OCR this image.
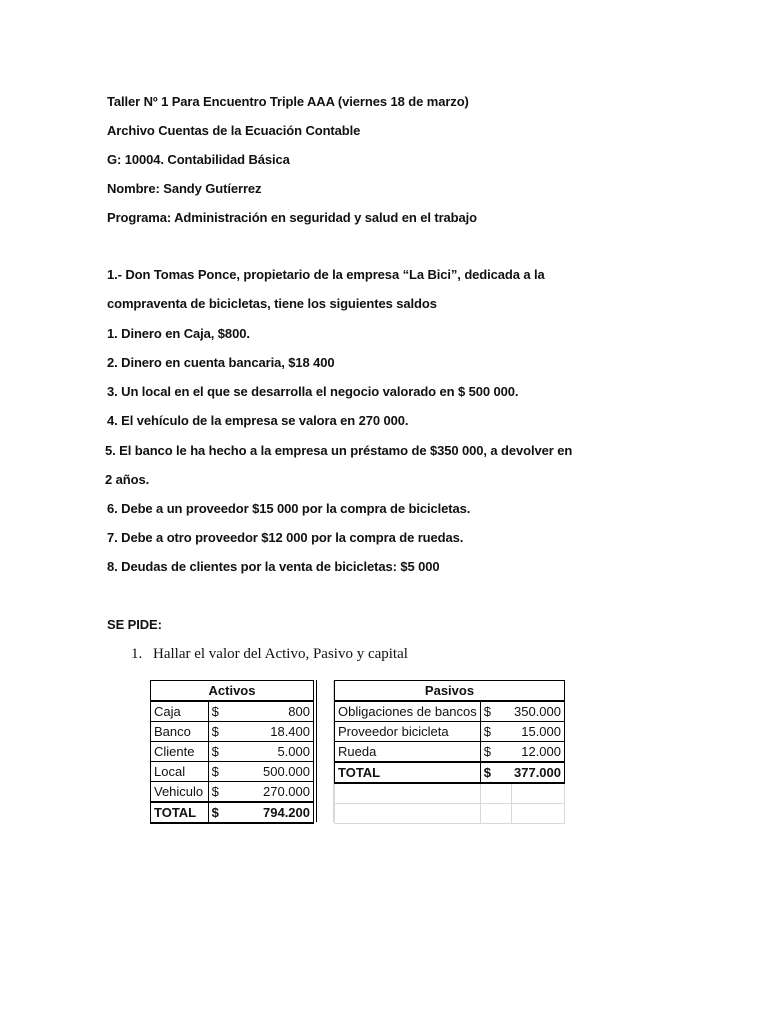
Taller Nº 1 Para Encuentro Triple AAA (viernes 18 de marzo)
Archivo Cuentas de la Ecuación Contable
G: 10004. Contabilidad Básica
Nombre: Sandy Gutíerrez
Programa: Administración en seguridad y salud en el trabajo
1.- Don Tomas Ponce, propietario de la empresa “La Bici”, dedicada a la
compraventa de bicicletas, tiene los siguientes saldos
1. Dinero en Caja, $800.
2. Dinero en cuenta bancaria, $18 400
3. Un local en el que se desarrolla el negocio valorado en $ 500 000.
4. El vehículo de la empresa se valora en 270 000.
5. El banco le ha hecho a la empresa un préstamo de $350 000, a devolver en
2 años.
6. Debe a un proveedor $15 000 por la compra de bicicletas.
7. Debe a otro proveedor $12 000 por la compra de ruedas.
8. Deudas de clientes por la venta de bicicletas: $5 000
SE PIDE:
1. Hallar el valor del Activo, Pasivo y capital
Activos		
Caja	$	800
Banco	$	18.400
Cliente	$	5.000
Local	$	500.000
Vehiculo	$	270.000
TOTAL	$	794.200
Pasivos		
Obligaciones de bancos	$	350.000
Proveedor bicicleta	$	15.000
Rueda	$	12.000
TOTAL	$	377.000
